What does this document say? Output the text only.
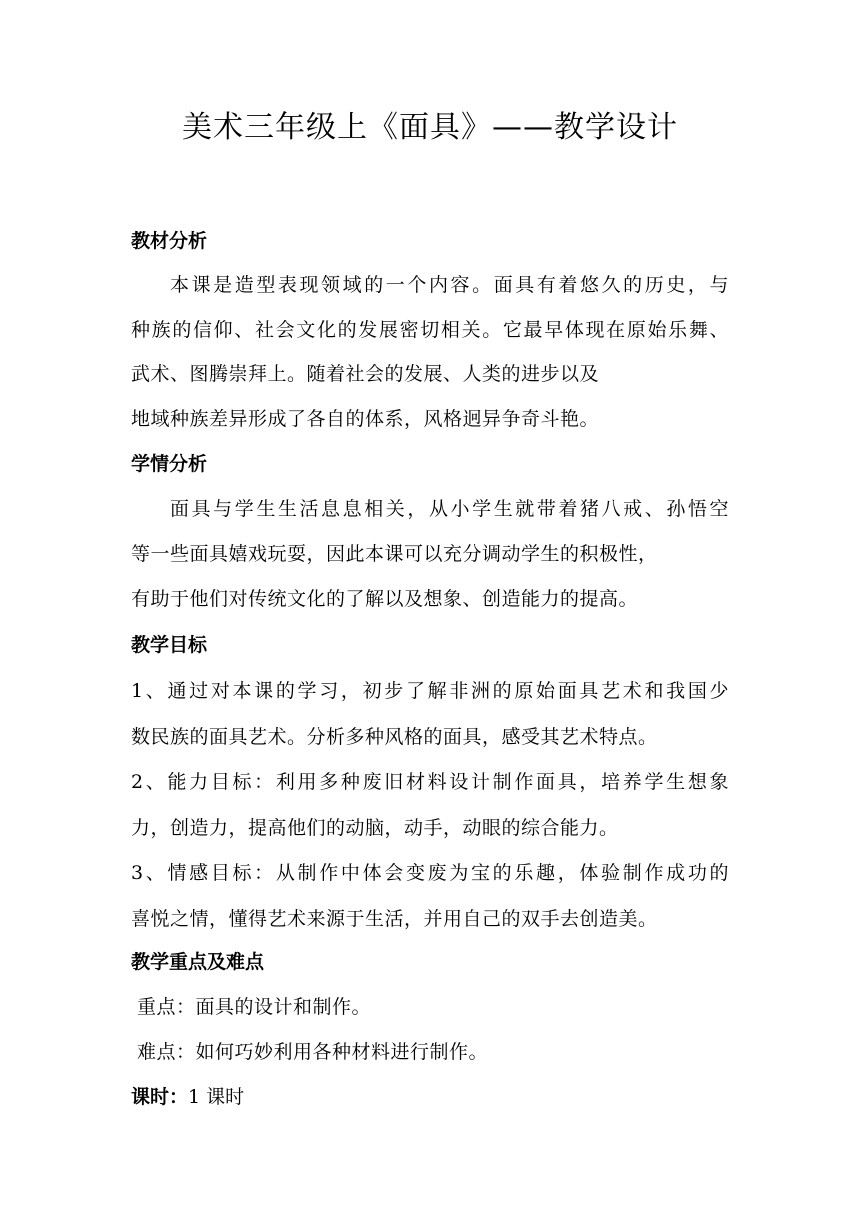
美术三年级上《面具》——教学设计
教材分析
本课是造型表现领域的一个内容。面具有着悠久的历史，与
种族的信仰、社会文化的发展密切相关。它最早体现在原始乐舞、
武术、图腾崇拜上。随着社会的发展、人类的进步以及
地域种族差异形成了各自的体系，风格迥异争奇斗艳。
学情分析
面具与学生生活息息相关，从小学生就带着猪八戒、孙悟空
等一些面具嬉戏玩耍，因此本课可以充分调动学生的积极性，
有助于他们对传统文化的了解以及想象、创造能力的提高。
教学目标
1、通过对本课的学习，初步了解非洲的原始面具艺术和我国少
数民族的面具艺术。分析多种风格的面具，感受其艺术特点。
2、能力目标：利用多种废旧材料设计制作面具，培养学生想象
力，创造力，提高他们的动脑，动手，动眼的综合能力。
3、情感目标：从制作中体会变废为宝的乐趣，体验制作成功的
喜悦之情，懂得艺术来源于生活，并用自己的双手去创造美。
教学重点及难点
重点：面具的设计和制作。
难点：如何巧妙利用各种材料进行制作。
课时：1 课时
